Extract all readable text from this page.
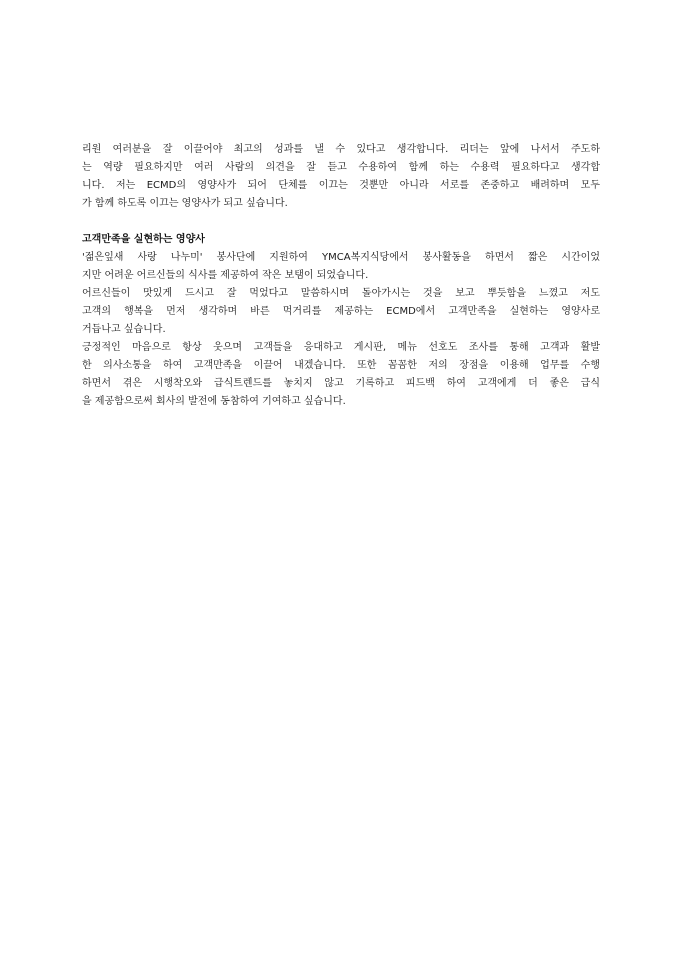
리원 여러분을 잘 이끌어야 최고의 성과를 낼 수 있다고 생각합니다. 리더는 앞에 나서서 주도하
는 역량 필요하지만 여러 사람의 의견을 잘 듣고 수용하여 함께 하는 수용력 필요하다고 생각합
니다. 저는 ECMD의 영양사가 되어 단체를 이끄는 것뿐만 아니라 서로를 존중하고 배려하며 모두
가 함께 하도록 이끄는 영양사가 되고 싶습니다.
고객만족을 실현하는 영양사
'젊은잎새 사랑 나누미' 봉사단에 지원하여 YMCA복지식당에서 봉사활동을 하면서 짧은 시간이었
지만 어려운 어르신들의 식사를 제공하여 작은 보탬이 되었습니다.
어르신들이 맛있게 드시고 잘 먹었다고 말씀하시며 돌아가시는 것을 보고 뿌듯함을 느꼈고 저도
고객의 행복을 먼저 생각하며 바른 먹거리를 제공하는 ECMD에서 고객만족을 실현하는 영양사로
거듭나고 싶습니다.
긍정적인 마음으로 항상 웃으며 고객들을 응대하고 게시판, 메뉴 선호도 조사를 통해 고객과 활발
한 의사소통을 하여 고객만족을 이끌어 내겠습니다. 또한 꼼꼼한 저의 장점을 이용해 업무를 수행
하면서 겪은 시행착오와 급식트렌드를 놓치지 않고 기록하고 피드백 하여 고객에게 더 좋은 급식
을 제공함으로써 회사의 발전에 동참하여 기여하고 싶습니다.
